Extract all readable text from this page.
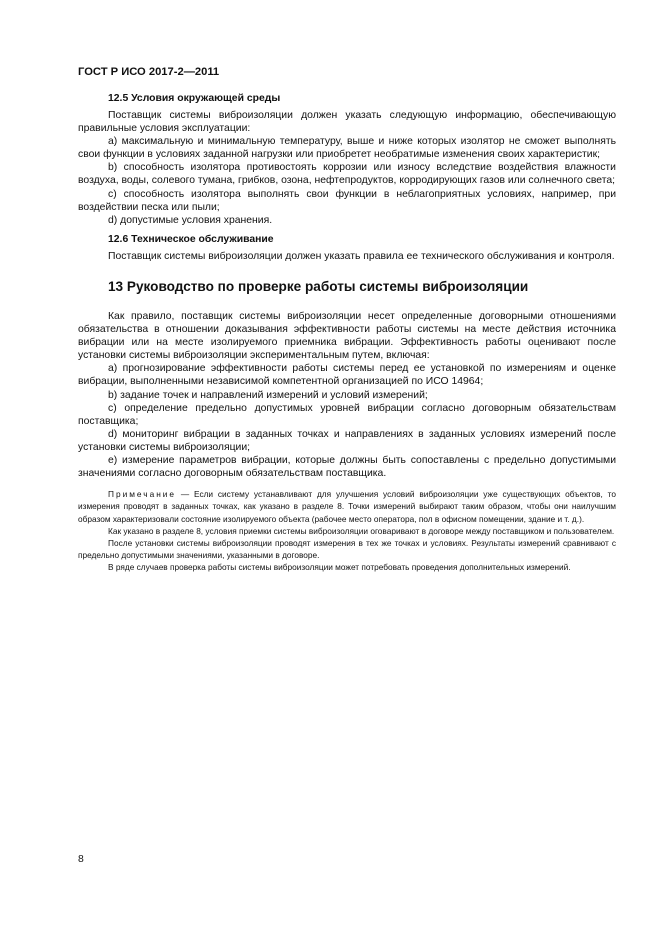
ГОСТ Р ИСО 2017-2—2011

12.5 Условия окружающей среды

Поставщик системы виброизоляции должен указать следующую информацию, обеспечивающую правильные условия эксплуатации:

a) максимальную и минимальную температуру, выше и ниже которых изолятор не сможет выполнять свои функции в условиях заданной нагрузки или приобретет необратимые изменения своих характеристик;

b) способность изолятора противостоять коррозии или износу вследствие воздействия влажности воздуха, воды, солевого тумана, грибков, озона, нефтепродуктов, корродирующих газов или солнечного света;

c) способность изолятора выполнять свои функции в неблагоприятных условиях, например, при воздействии песка или пыли;

d) допустимые условия хранения.

12.6 Техническое обслуживание

Поставщик системы виброизоляции должен указать правила ее технического обслуживания и контроля.

13 Руководство по проверке работы системы виброизоляции

Как правило, поставщик системы виброизоляции несет определенные договорными отношениями обязательства в отношении доказывания эффективности работы системы на месте действия источника вибрации или на месте изолируемого приемника вибрации. Эффективность работы оценивают после установки системы виброизоляции экспериментальным путем, включая:

a) прогнозирование эффективности работы системы перед ее установкой по измерениям и оценке вибрации, выполненными независимой компетентной организацией по ИСО 14964;

b) задание точек и направлений измерений и условий измерений;

c) определение предельно допустимых уровней вибрации согласно договорным обязательствам поставщика;

d) мониторинг вибрации в заданных точках и направлениях в заданных условиях измерений после установки системы виброизоляции;

e) измерение параметров вибрации, которые должны быть сопоставлены с предельно допустимыми значениями согласно договорным обязательствам поставщика.

Примечание — Если систему устанавливают для улучшения условий виброизоляции уже существующих объектов, то измерения проводят в заданных точках, как указано в разделе 8. Точки измерений выбирают таким образом, чтобы они наилучшим образом характеризовали состояние изолируемого объекта (рабочее место оператора, пол в офисном помещении, здание и т. д.).

Как указано в разделе 8, условия приемки системы виброизоляции оговаривают в договоре между поставщиком и пользователем.

После установки системы виброизоляции проводят измерения в тех же точках и условиях. Результаты измерений сравнивают с предельно допустимыми значениями, указанными в договоре.

В ряде случаев проверка работы системы виброизоляции может потребовать проведения дополнительных измерений.

8
